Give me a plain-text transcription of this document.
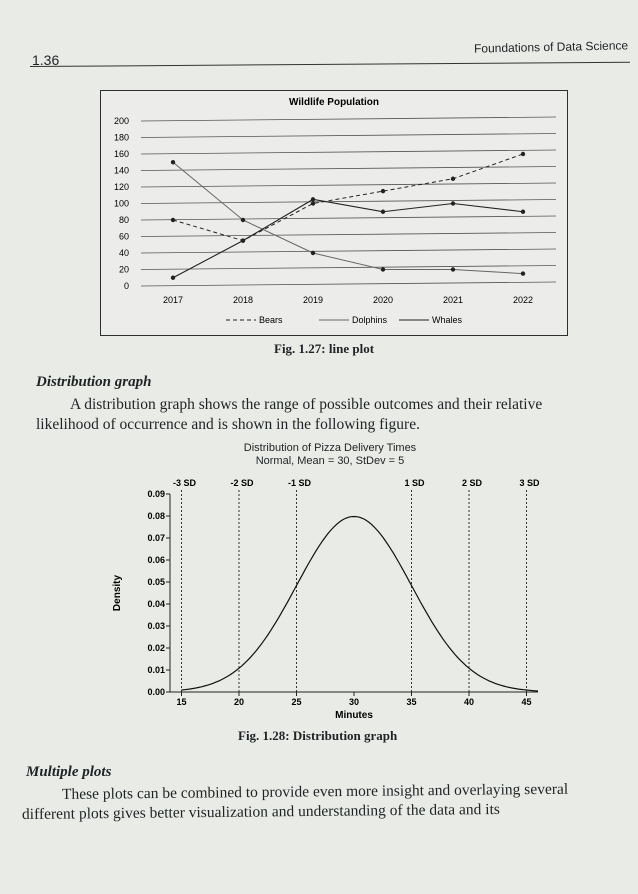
1.36
Foundations of Data Science
Wildlife Population
0
20
40
60
80
100
120
140
160
180
200
2017	2018	2019	2020	2021	2022
Bears	Dolphins	Whales
Fig. 1.27: line plot
Distribution graph
A distribution graph shows the range of possible outcomes and their relative
likelihood of occurrence and is shown in the following figure.
Distribution of Pizza Delivery Times
Normal, Mean = 30, StDev = 5
0.00
0.01
0.02
0.03
0.04
0.05
0.06
0.07
0.08
0.09
15	20	25	30	35	40	45
-3 SD	-2 SD	-1 SD	1 SD	2 SD	3 SD
Minutes
Density
Fig. 1.28: Distribution graph
Multiple plots
These plots can be combined to provide even more insight and overlaying several
different plots gives better visualization and understanding of the data and its
